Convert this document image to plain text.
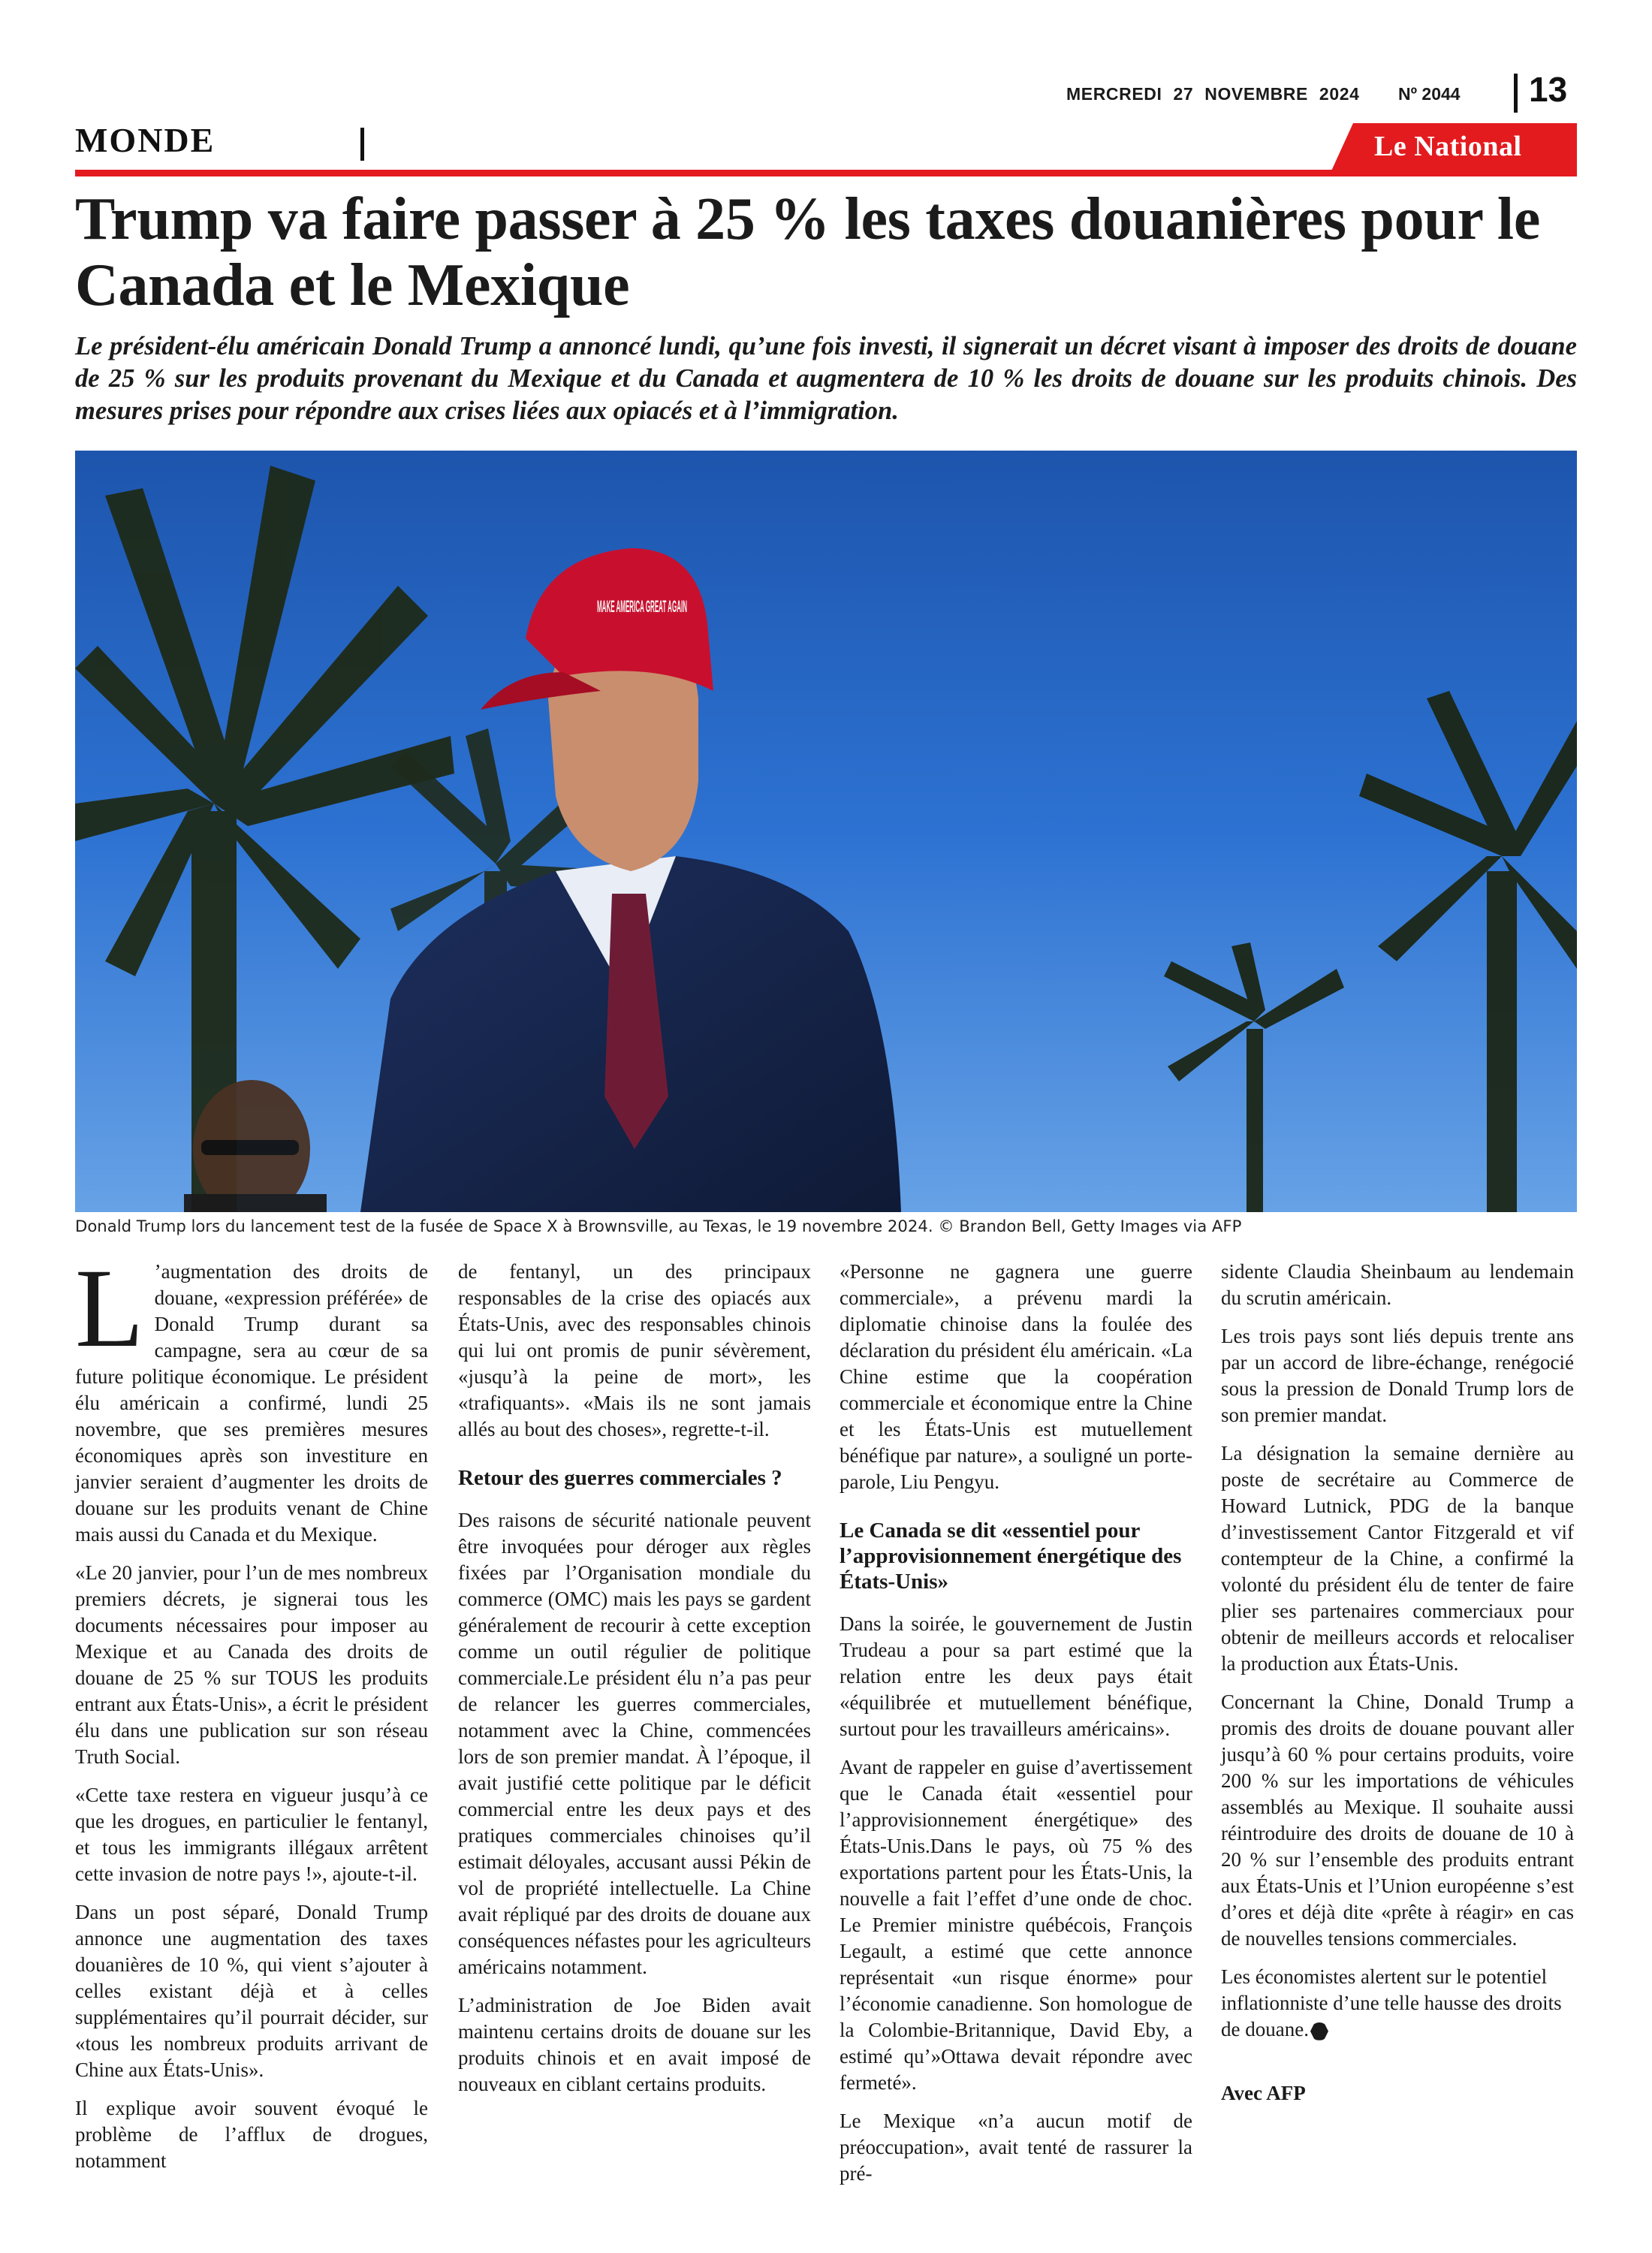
MERCREDI 27 NOVEMBRE 2024 Nº 2044 13
MONDE	Le National
Trump va faire passer à 25 % les taxes douanières pour le Canada et le Mexique
Le président-élu américain Donald Trump a annoncé lundi, qu’une fois investi, il signerait un décret visant à imposer des droits de douane de 25 % sur les produits provenant du Mexique et du Canada et augmentera de 10 % les droits de douane sur les produits chinois. Des mesures prises pour répondre aux crises liées aux opiacés et à l’immigration.
MAKE AMERICA GREAT AGAIN
Donald Trump lors du lancement test de la fusée de Space X à Brownsville, au Texas, le 19 novembre 2024. © Brandon Bell, Getty Images via AFP

L ’augmentation des droits de douane, «expression préférée» de Donald Trump durant sa campagne, sera au cœur de sa future politique économique. Le président élu américain a confirmé, lundi 25 novembre, que ses premières mesures économiques après son investiture en janvier seraient d’augmenter les droits de douane sur les produits venant de Chine mais aussi du Canada et du Mexique.

«Le 20 janvier, pour l’un de mes nombreux premiers décrets, je signerai tous les documents nécessaires pour imposer au Mexique et au Canada des droits de douane de 25 % sur TOUS les produits entrant aux États-Unis», a écrit le président élu dans une publication sur son réseau Truth Social.

«Cette taxe restera en vigueur jusqu’à ce que les drogues, en particulier le fentanyl, et tous les immigrants illégaux arrêtent cette invasion de notre pays !», ajoute-t-il.

Dans un post séparé, Donald Trump annonce une augmentation des taxes douanières de 10 %, qui vient s’ajouter à celles existant déjà et à celles supplémentaires qu’il pourrait décider, sur «tous les nombreux produits arrivant de Chine aux États-Unis».

Il explique avoir souvent évoqué le problème de l’afflux de drogues, notamment

de fentanyl, un des principaux responsables de la crise des opiacés aux États-Unis, avec des responsables chinois qui lui ont promis de punir sévèrement, «jusqu’à la peine de mort», les «trafiquants». «Mais ils ne sont jamais allés au bout des choses», regrette-t-il.

Retour des guerres commerciales ?

Des raisons de sécurité nationale peuvent être invoquées pour déroger aux règles fixées par l’Organisation mondiale du commerce (OMC) mais les pays se gardent généralement de recourir à cette exception comme un outil régulier de politique commerciale.Le président élu n’a pas peur de relancer les guerres commerciales, notamment avec la Chine, commencées lors de son premier mandat. À l’époque, il avait justifié cette politique par le déficit commercial entre les deux pays et des pratiques commerciales chinoises qu’il estimait déloyales, accusant aussi Pékin de vol de propriété intellectuelle. La Chine avait répliqué par des droits de douane aux conséquences néfastes pour les agriculteurs américains notamment.

L’administration de Joe Biden avait maintenu certains droits de douane sur les produits chinois et en avait imposé de nouveaux en ciblant certains produits.

«Personne ne gagnera une guerre commerciale», a prévenu mardi la diplomatie chinoise dans la foulée des déclaration du président élu américain. «La Chine estime que la coopération commerciale et économique entre la Chine et les États-Unis est mutuellement bénéfique par nature», a souligné un porte-parole, Liu Pengyu.

Le Canada se dit «essentiel pour l’approvisionnement énergétique des États-Unis»

Dans la soirée, le gouvernement de Justin Trudeau a pour sa part estimé que la relation entre les deux pays était «équilibrée et mutuellement bénéfique, surtout pour les travailleurs américains».

Avant de rappeler en guise d’avertissement que le Canada était «essentiel pour l’approvisionnement énergétique» des États-Unis.Dans le pays, où 75 % des exportations partent pour les États-Unis, la nouvelle a fait l’effet d’une onde de choc. Le Premier ministre québécois, François Legault, a estimé que cette annonce représentait «un risque énorme» pour l’économie canadienne. Son homologue de la Colombie-Britannique, David Eby, a estimé qu’»Ottawa devait répondre avec fermeté».

Le Mexique «n’a aucun motif de préoccupation», avait tenté de rassurer la pré-

sidente Claudia Sheinbaum au lendemain du scrutin américain.

Les trois pays sont liés depuis trente ans par un accord de libre-échange, renégocié sous la pression de Donald Trump lors de son premier mandat.

La désignation la semaine dernière au poste de secrétaire au Commerce de Howard Lutnick, PDG de la banque d’investissement Cantor Fitzgerald et vif contempteur de la Chine, a confirmé la volonté du président élu de tenter de faire plier ses partenaires commerciaux pour obtenir de meilleurs accords et relocaliser la production aux États-Unis.

Concernant la Chine, Donald Trump a promis des droits de douane pouvant aller jusqu’à 60 % pour certains produits, voire 200 % sur les importations de véhicules assemblés au Mexique. Il souhaite aussi réintroduire des droits de douane de 10 à 20 % sur l’ensemble des produits entrant aux États-Unis et l’Union européenne s’est d’ores et déjà dite «prête à réagir» en cas de nouvelles tensions commerciales.

Les économistes alertent sur le potentiel inflationniste d’une telle hausse des droits de douane.

Avec AFP
